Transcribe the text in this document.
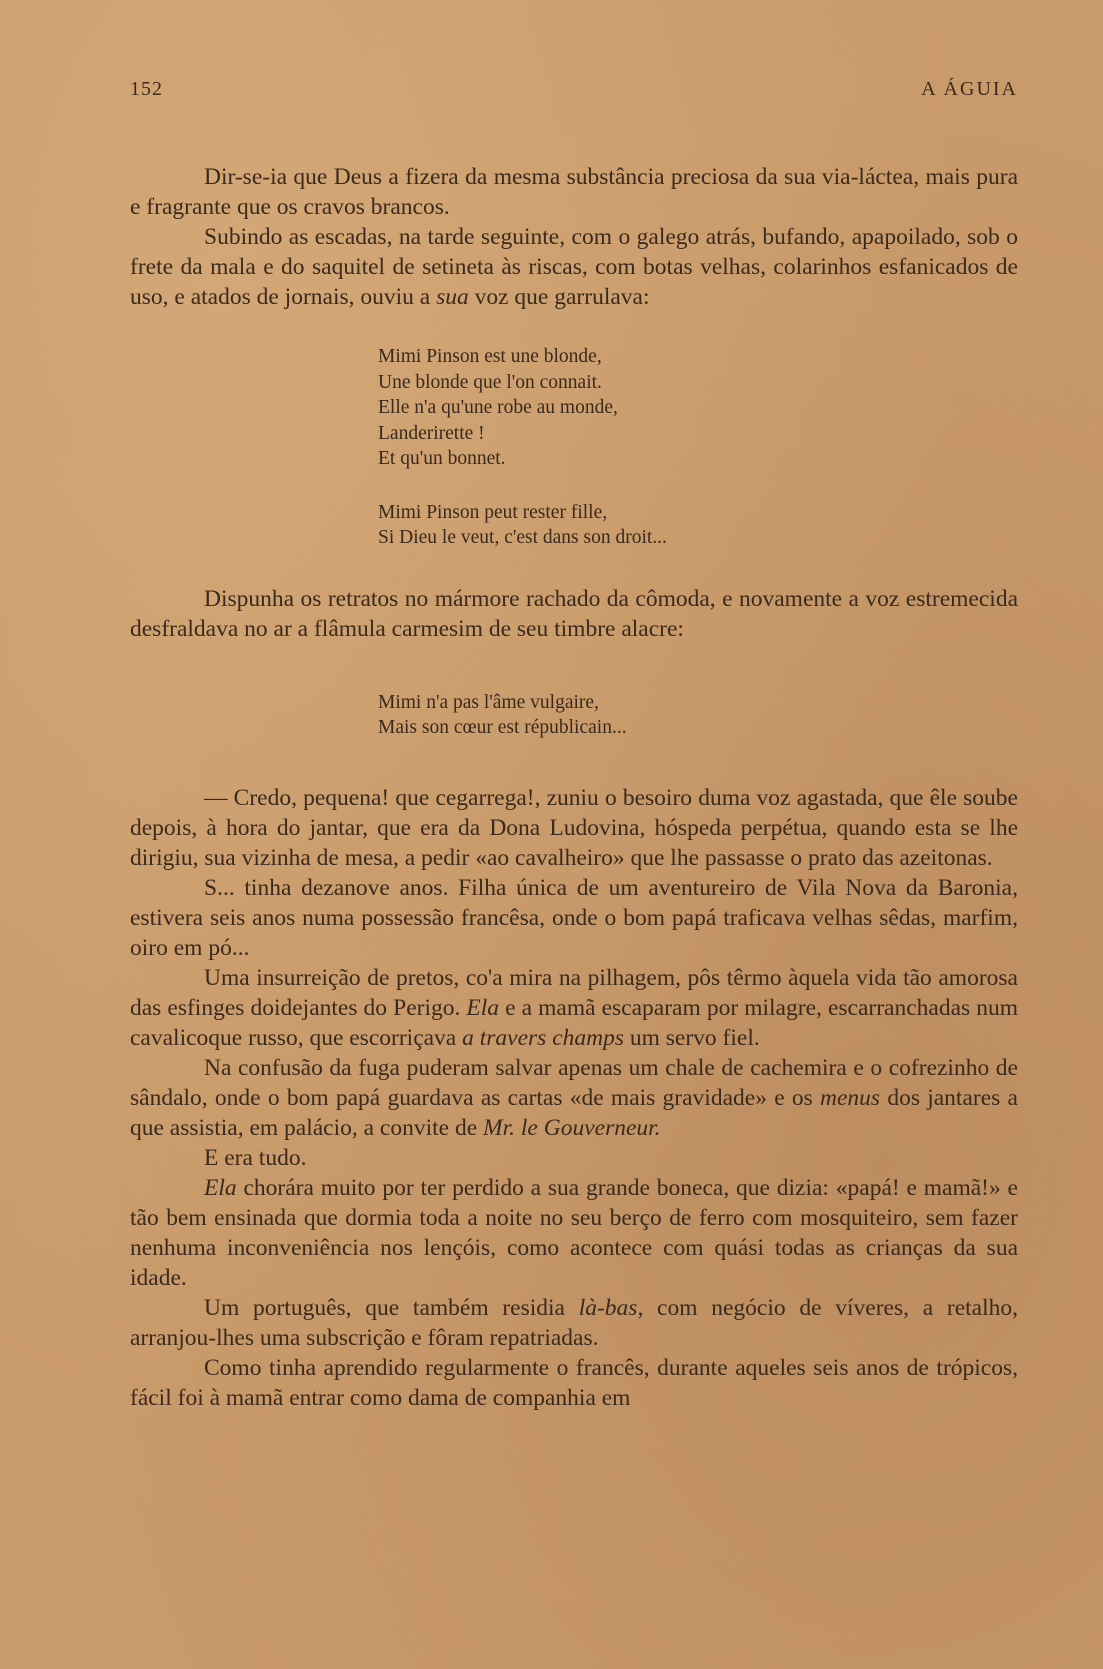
152	A ÁGUIA

Dir-se-ia que Deus a fizera da mesma substância preciosa da sua via-láctea, mais pura e fragrante que os cravos brancos.

Subindo as escadas, na tarde seguinte, com o galego atrás, bufando, apapoilado, sob o frete da mala e do saquitel de setineta às riscas, com botas velhas, colarinhos esfanicados de uso, e atados de jornais, ouviu a sua voz que garrulava:

Mimi Pinson est une blonde,
Une blonde que l'on connait.
Elle n'a qu'une robe au monde,
Landerirette !
Et qu'un bonnet.
Mimi Pinson peut rester fille,
Si Dieu le veut, c'est dans son droit...

Dispunha os retratos no mármore rachado da cômoda, e novamente a voz estremecida desfraldava no ar a flâmula carmesim de seu timbre alacre:

Mimi n'a pas l'âme vulgaire,
Mais son cœur est républicain...

— Credo, pequena! que cegarrega!, zuniu o besoiro duma voz agastada, que êle soube depois, à hora do jantar, que era da Dona Ludovina, hóspeda perpétua, quando esta se lhe dirigiu, sua vizinha de mesa, a pedir «ao cavalheiro» que lhe passasse o prato das azeitonas.

S... tinha dezanove anos. Filha única de um aventureiro de Vila Nova da Baronia, estivera seis anos numa possessão francêsa, onde o bom papá traficava velhas sêdas, marfim, oiro em pó...

Uma insurreição de pretos, co'a mira na pilhagem, pôs têrmo àquela vida tão amorosa das esfinges doidejantes do Perigo. Ela e a mamã escaparam por milagre, escarranchadas num cavalicoque russo, que escorriçava a travers champs um servo fiel.

Na confusão da fuga puderam salvar apenas um chale de cachemira e o cofrezinho de sândalo, onde o bom papá guardava as cartas «de mais gravidade» e os menus dos jantares a que assistia, em palácio, a convite de Mr. le Gouverneur.

E era tudo.

Ela chorára muito por ter perdido a sua grande boneca, que dizia: «papá! e mamã!» e tão bem ensinada que dormia toda a noite no seu berço de ferro com mosquiteiro, sem fazer nenhuma inconveniência nos lençóis, como acontece com quási todas as crianças da sua idade.

Um português, que também residia là-bas, com negócio de víveres, a retalho, arranjou-lhes uma subscrição e fôram repatriadas.

Como tinha aprendido regularmente o francês, durante aqueles seis anos de trópicos, fácil foi à mamã entrar como dama de companhia em
